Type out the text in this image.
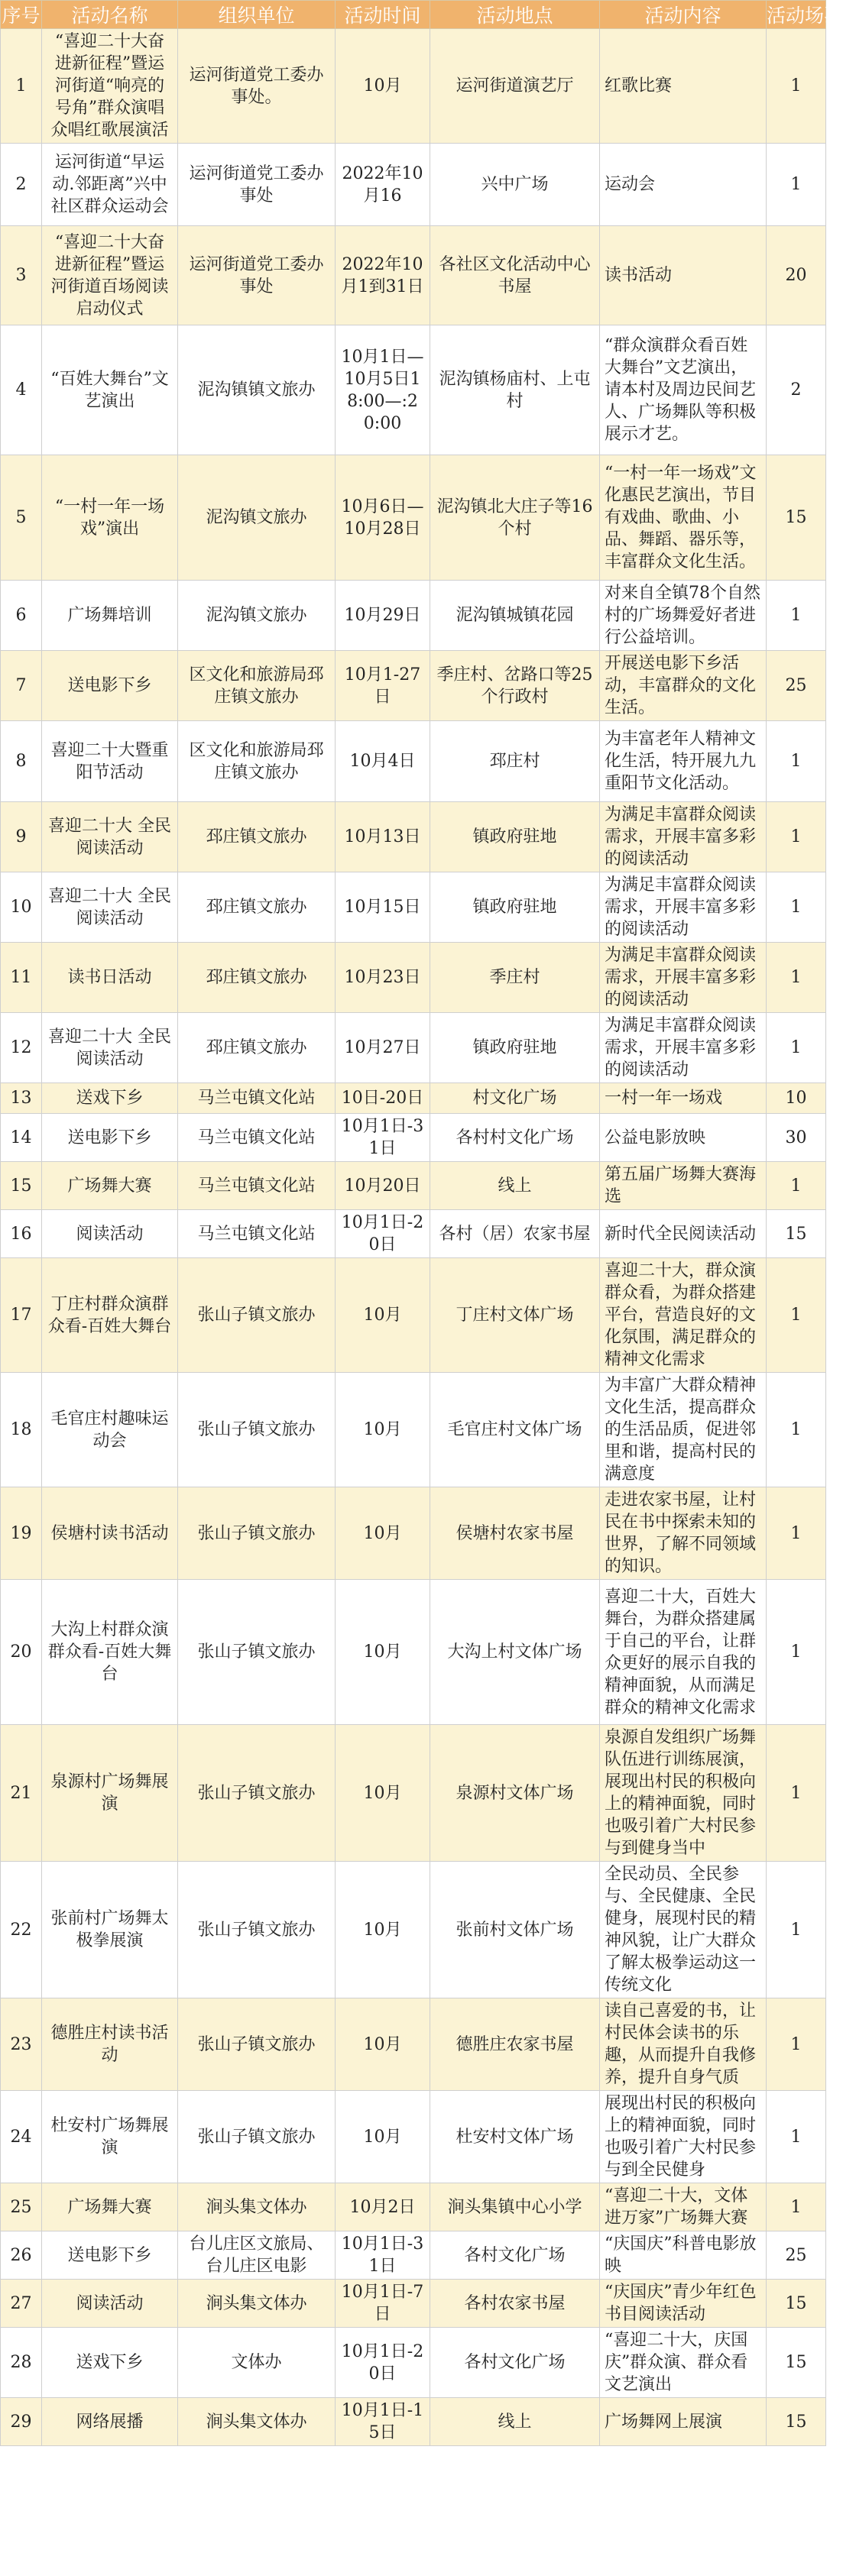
序号	活动名称	组织单位	活动时间	活动地点	活动内容	活动场次
1	“喜迎二十大奋进新征程”暨运河街道“响亮的号角”群众演唱众唱红歌展演活	运河街道党工委办事处。	10月	运河街道演艺厅	红歌比赛	1
2	运河街道“早运动.邻距离”兴中社区群众运动会	运河街道党工委办事处	2022年10月16	兴中广场	运动会	1
3	“喜迎二十大奋进新征程”暨运河街道百场阅读启动仪式	运河街道党工委办事处	2022年10月1到31日	各社区文化活动中心书屋	读书活动	20
4	“百姓大舞台”文艺演出	泥沟镇镇文旅办	10月1日—10月5日18:00—:20:00	泥沟镇杨庙村、上屯村	“群众演群众看百姓大舞台”文艺演出，请本村及周边民间艺人、广场舞队等积极展示才艺。	2
5	“一村一年一场戏”演出	泥沟镇文旅办	10月6日—10月28日	泥沟镇北大庄子等16个村	“一村一年一场戏”文化惠民艺演出，节目有戏曲、歌曲、小品、舞蹈、器乐等，丰富群众文化生活。	15
6	广场舞培训	泥沟镇文旅办	10月29日	泥沟镇城镇花园	对来自全镇78个自然村的广场舞爱好者进行公益培训。	1
7	送电影下乡	区文化和旅游局邳庄镇文旅办	10月1-27日	季庄村、岔路口等25个行政村	开展送电影下乡活动，丰富群众的文化生活。	25
8	喜迎二十大暨重阳节活动	区文化和旅游局邳庄镇文旅办	10月4日	邳庄村	为丰富老年人精神文化生活，特开展九九重阳节文化活动。	1
9	喜迎二十大 全民阅读活动	邳庄镇文旅办	10月13日	镇政府驻地	为满足丰富群众阅读需求，开展丰富多彩的阅读活动	1
10	喜迎二十大 全民阅读活动	邳庄镇文旅办	10月15日	镇政府驻地	为满足丰富群众阅读需求，开展丰富多彩的阅读活动	1
11	读书日活动	邳庄镇文旅办	10月23日	季庄村	为满足丰富群众阅读需求，开展丰富多彩的阅读活动	1
12	喜迎二十大 全民阅读活动	邳庄镇文旅办	10月27日	镇政府驻地	为满足丰富群众阅读需求，开展丰富多彩的阅读活动	1
13	送戏下乡	马兰屯镇文化站	10日-20日	村文化广场	一村一年一场戏	10
14	送电影下乡	马兰屯镇文化站	10月1日-31日	各村村文化广场	公益电影放映	30
15	广场舞大赛	马兰屯镇文化站	10月20日	线上	第五届广场舞大赛海选	1
16	阅读活动	马兰屯镇文化站	10月1日-20日	各村（居）农家书屋	新时代全民阅读活动	15
17	丁庄村群众演群众看-百姓大舞台	张山子镇文旅办	10月	丁庄村文体广场	喜迎二十大，群众演群众看，为群众搭建平台，营造良好的文化氛围，满足群众的精神文化需求	1
18	毛官庄村趣味运动会	张山子镇文旅办	10月	毛官庄村文体广场	为丰富广大群众精神文化生活，提高群众的生活品质，促进邻里和谐，提高村民的满意度	1
19	侯塘村读书活动	张山子镇文旅办	10月	侯塘村农家书屋	走进农家书屋，让村民在书中探索未知的世界，了解不同领域的知识。	1
20	大沟上村群众演群众看-百姓大舞台	张山子镇文旅办	10月	大沟上村文体广场	喜迎二十大，百姓大舞台，为群众搭建属于自己的平台，让群众更好的展示自我的精神面貌，从而满足群众的精神文化需求	1
21	泉源村广场舞展演	张山子镇文旅办	10月	泉源村文体广场	泉源自发组织广场舞队伍进行训练展演，展现出村民的积极向上的精神面貌，同时也吸引着广大村民参与到健身当中	1
22	张前村广场舞太极拳展演	张山子镇文旅办	10月	张前村文体广场	全民动员、全民参与、全民健康、全民健身，展现村民的精神风貌，让广大群众了解太极拳运动这一传统文化	1
23	德胜庄村读书活动	张山子镇文旅办	10月	德胜庄农家书屋	读自己喜爱的书，让村民体会读书的乐趣，从而提升自我修养，提升自身气质	1
24	杜安村广场舞展演	张山子镇文旅办	10月	杜安村文体广场	展现出村民的积极向上的精神面貌，同时也吸引着广大村民参与到全民健身	1
25	广场舞大赛	涧头集文体办	10月2日	涧头集镇中心小学	“喜迎二十大，文体进万家”广场舞大赛	1
26	送电影下乡	台儿庄区文旅局、台儿庄区电影	10月1日-31日	各村文化广场	“庆国庆”科普电影放映	25
27	阅读活动	涧头集文体办	10月1日-7日	各村农家书屋	“庆国庆”青少年红色书目阅读活动	15
28	送戏下乡	文体办	10月1日-20日	各村文化广场	“喜迎二十大，庆国庆”群众演、群众看文艺演出	15
29	网络展播	涧头集文体办	10月1日-15日	线上	广场舞网上展演	15
